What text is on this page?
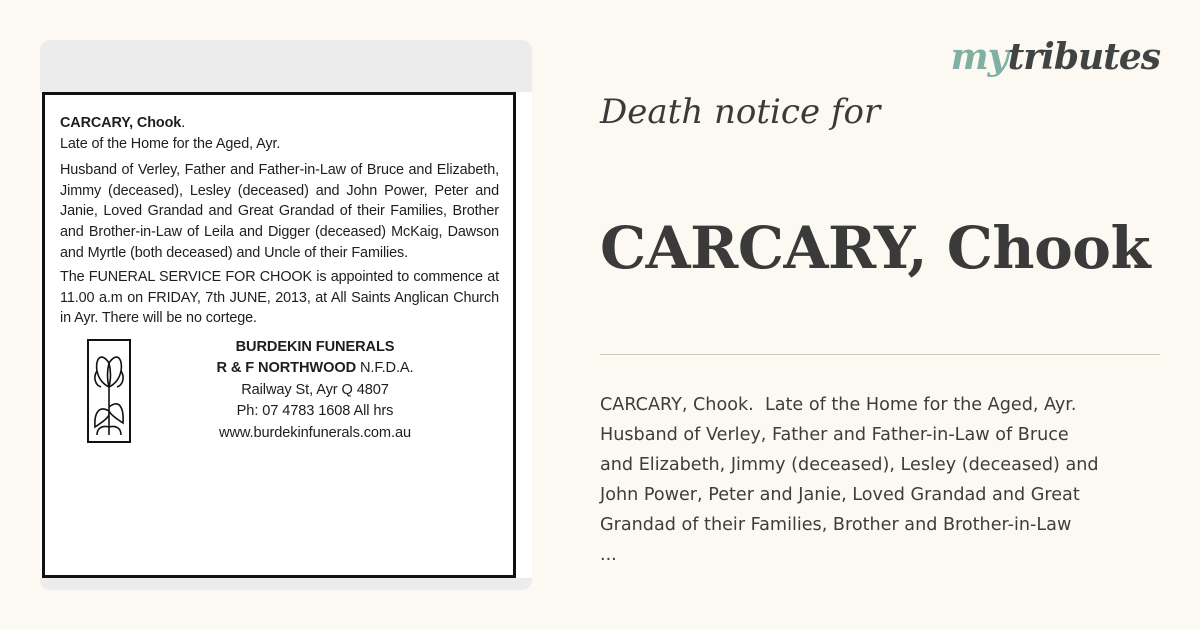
CARCARY, Chook.
Late of the Home for the Aged, Ayr.
Husband of Verley, Father and Father-in-Law of Bruce and Elizabeth, Jimmy (deceased), Lesley (deceased) and John Power, Peter and Janie, Loved Grandad and Great Grandad of their Families, Brother and Brother-in-Law of Leila and Digger (deceased) McKaig, Dawson and Myrtle (both deceased) and Uncle of their Families.
The FUNERAL SERVICE FOR CHOOK is appointed to commence at 11.00 a.m on FRIDAY, 7th JUNE, 2013, at All Saints Anglican Church in Ayr. There will be no cortege.
BURDEKIN FUNERALS
R & F NORTHWOOD N.F.D.A.
Railway St, Ayr Q 4807
Ph: 07 4783 1608 All hrs
www.burdekinfunerals.com.au
mytributes
Death notice for
CARCARY, Chook
CARCARY, Chook.  Late of the Home for the Aged, Ayr.
Husband of Verley, Father and Father-in-Law of Bruce
and Elizabeth, Jimmy (deceased), Lesley (deceased) and
John Power, Peter and Janie, Loved Grandad and Great
Grandad of their Families, Brother and Brother-in-Law
...
